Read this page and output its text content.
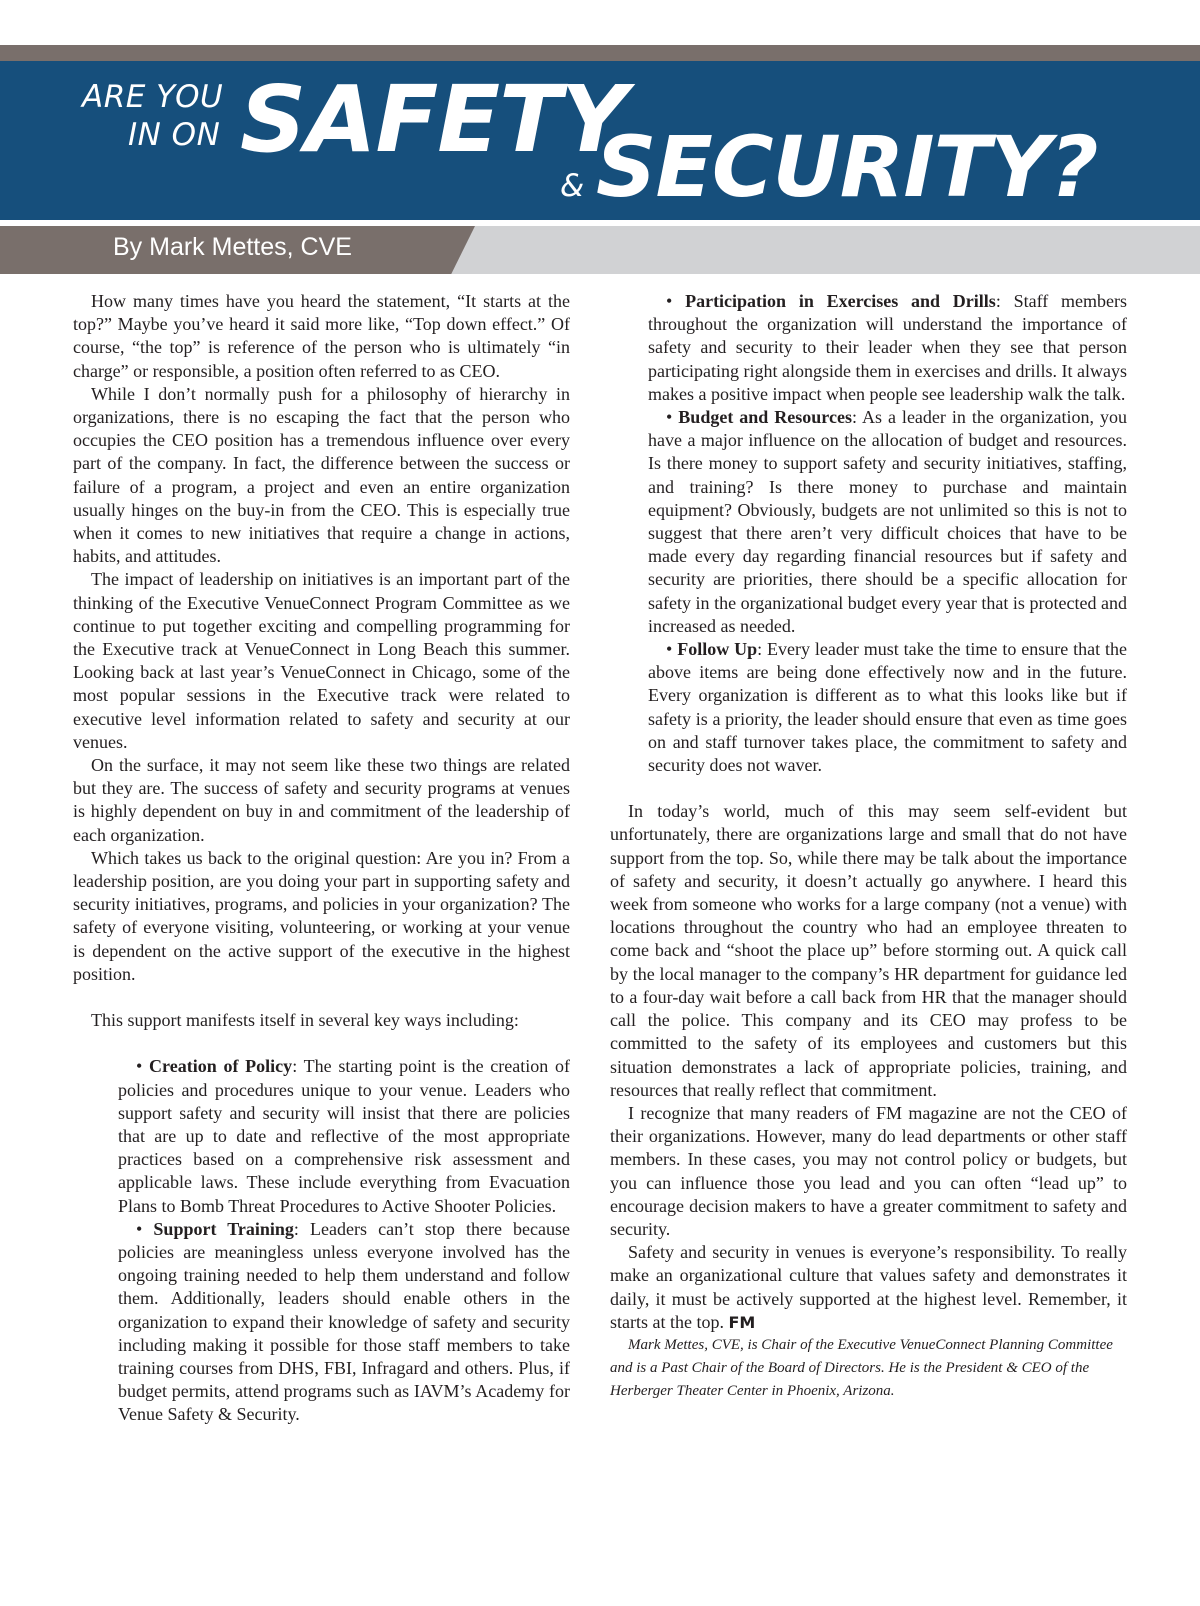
ARE YOU
IN ON SAFETY
& SECURITY?
By Mark Mettes, CVE

How many times have you heard the statement, “It starts at the top?” Maybe you’ve heard it said more like, “Top down effect.” Of course, “the top” is reference of the person who is ultimately “in charge” or responsible, a position often referred to as CEO.

While I don’t normally push for a philosophy of hierarchy in organizations, there is no escaping the fact that the person who occupies the CEO position has a tremendous influence over every part of the company. In fact, the difference between the success or failure of a program, a project and even an entire organization usually hinges on the buy-in from the CEO. This is especially true when it comes to new initiatives that require a change in actions, habits, and attitudes.

The impact of leadership on initiatives is an important part of the thinking of the Executive VenueConnect Program Committee as we continue to put together exciting and compelling programming for the Executive track at VenueConnect in Long Beach this summer. Looking back at last year’s VenueConnect in Chicago, some of the most popular sessions in the Executive track were related to executive level information related to safety and security at our venues.

On the surface, it may not seem like these two things are related but they are. The success of safety and security programs at venues is highly dependent on buy in and commitment of the leadership of each organization.

Which takes us back to the original question: Are you in? From a leadership position, are you doing your part in supporting safety and security initiatives, programs, and policies in your organization? The safety of everyone visiting, volunteering, or working at your venue is dependent on the active support of the executive in the highest position.

This support manifests itself in several key ways including:

• Creation of Policy: The starting point is the creation of policies and procedures unique to your venue. Leaders who support safety and security will insist that there are policies that are up to date and reflective of the most appropriate practices based on a comprehensive risk assessment and applicable laws. These include everything from Evacuation Plans to Bomb Threat Procedures to Active Shooter Policies.

• Support Training: Leaders can’t stop there because policies are meaningless unless everyone involved has the ongoing training needed to help them understand and follow them. Additionally, leaders should enable others in the organization to expand their knowledge of safety and security including making it possible for those staff members to take training courses from DHS, FBI, Infragard and others. Plus, if budget permits, attend programs such as IAVM’s Academy for Venue Safety & Security.

• Participation in Exercises and Drills: Staff members throughout the organization will understand the importance of safety and security to their leader when they see that person participating right alongside them in exercises and drills. It always makes a positive impact when people see leadership walk the talk.

• Budget and Resources: As a leader in the organization, you have a major influence on the allocation of budget and resources. Is there money to support safety and security initiatives, staffing, and training? Is there money to purchase and maintain equipment? Obviously, budgets are not unlimited so this is not to suggest that there aren’t very difficult choices that have to be made every day regarding financial resources but if safety and security are priorities, there should be a specific allocation for safety in the organizational budget every year that is protected and increased as needed.

• Follow Up: Every leader must take the time to ensure that the above items are being done effectively now and in the future. Every organization is different as to what this looks like but if safety is a priority, the leader should ensure that even as time goes on and staff turnover takes place, the commitment to safety and security does not waver.

In today’s world, much of this may seem self-evident but unfortunately, there are organizations large and small that do not have support from the top. So, while there may be talk about the importance of safety and security, it doesn’t actually go anywhere. I heard this week from someone who works for a large company (not a venue) with locations throughout the country who had an employee threaten to come back and “shoot the place up” before storming out. A quick call by the local manager to the company’s HR department for guidance led to a four-day wait before a call back from HR that the manager should call the police. This company and its CEO may profess to be committed to the safety of its employees and customers but this situation demonstrates a lack of appropriate policies, training, and resources that really reflect that commitment.

I recognize that many readers of FM magazine are not the CEO of their organizations. However, many do lead departments or other staff members. In these cases, you may not control policy or budgets, but you can influence those you lead and you can often “lead up” to encourage decision makers to have a greater commitment to safety and security.

Safety and security in venues is everyone’s responsibility. To really make an organizational culture that values safety and demonstrates it daily, it must be actively supported at the highest level. Remember, it starts at the top. FM

Mark Mettes, CVE, is Chair of the Executive VenueConnect Planning Committee and is a Past Chair of the Board of Directors. He is the President & CEO of the Herberger Theater Center in Phoenix, Arizona.
